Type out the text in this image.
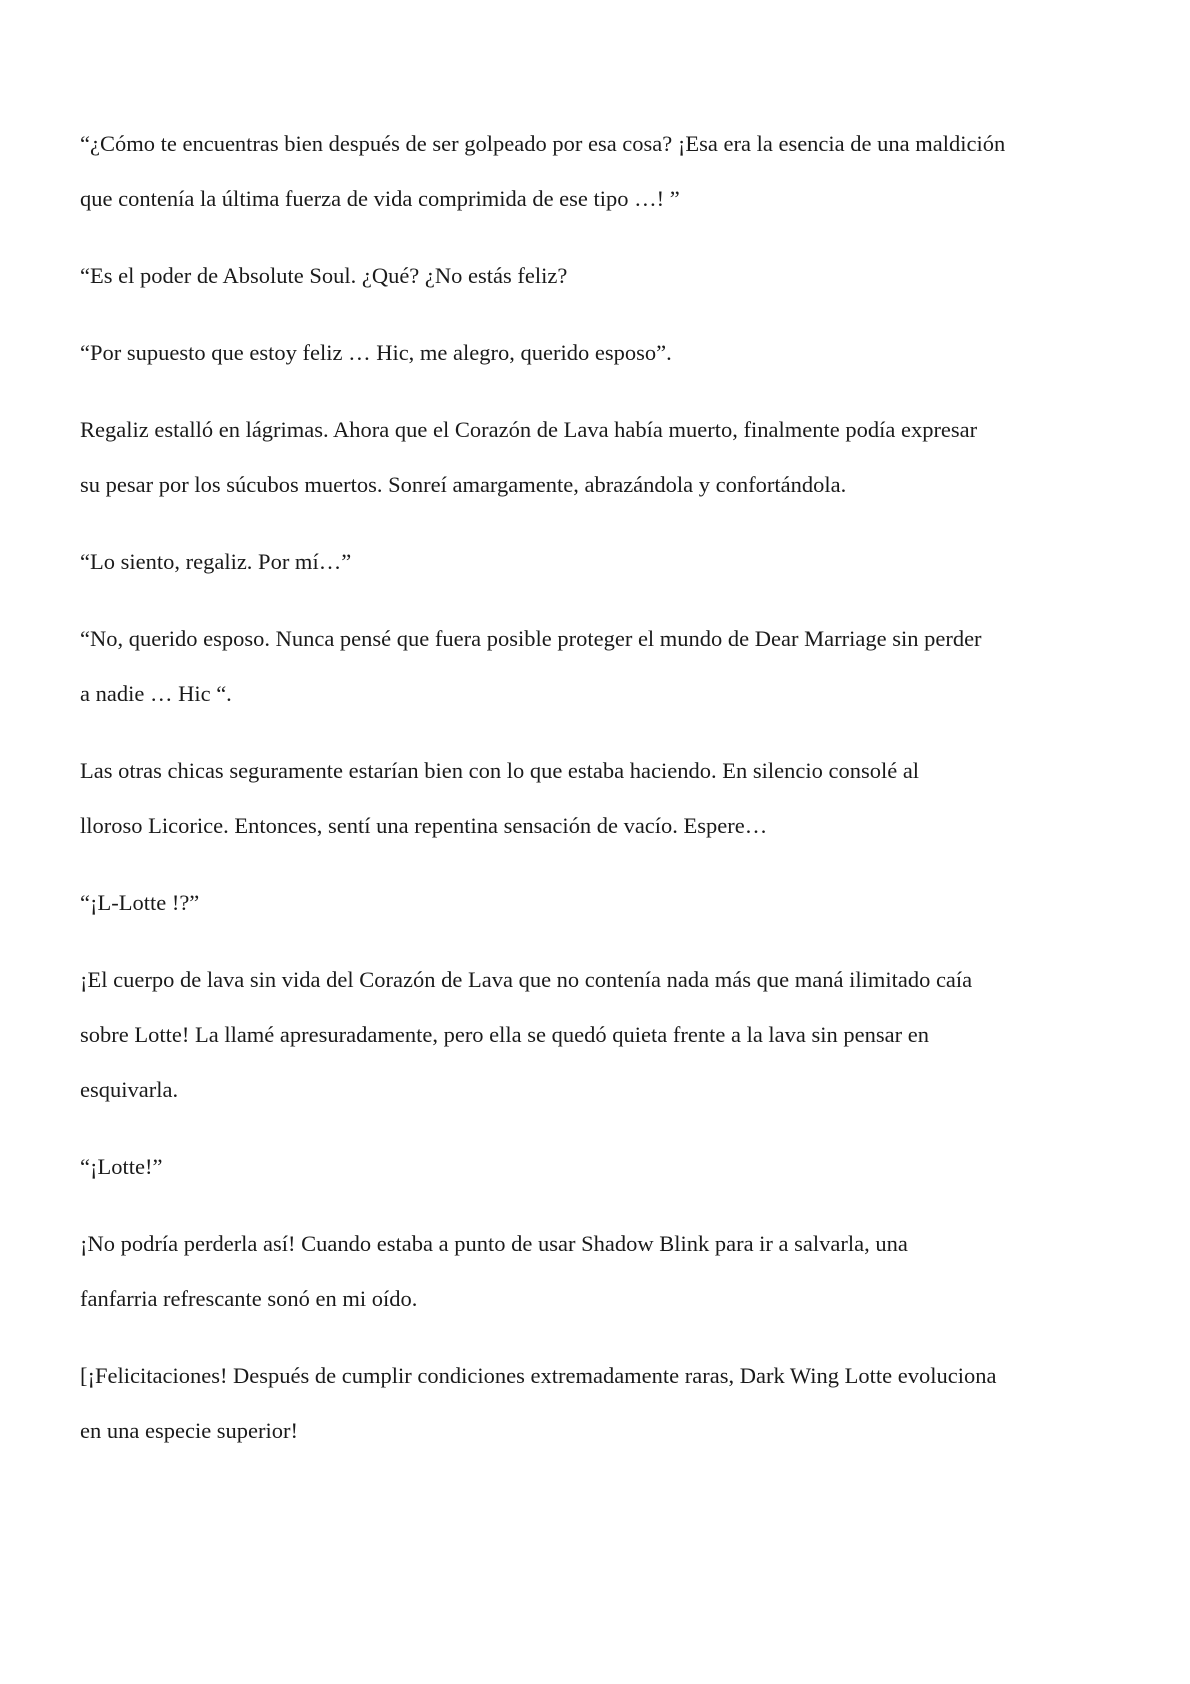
“¿Cómo te encuentras bien después de ser golpeado por esa cosa? ¡Esa era la esencia de una maldición
que contenía la última fuerza de vida comprimida de ese tipo …! ”

“Es el poder de Absolute Soul. ¿Qué? ¿No estás feliz?

“Por supuesto que estoy feliz … Hic, me alegro, querido esposo”.

Regaliz estalló en lágrimas. Ahora que el Corazón de Lava había muerto, finalmente podía expresar
su pesar por los súcubos muertos. Sonreí amargamente, abrazándola y confortándola.

“Lo siento, regaliz. Por mí…”

“No, querido esposo. Nunca pensé que fuera posible proteger el mundo de Dear Marriage sin perder
a nadie … Hic “.

Las otras chicas seguramente estarían bien con lo que estaba haciendo. En silencio consolé al
lloroso Licorice. Entonces, sentí una repentina sensación de vacío. Espere…

“¡L-Lotte !?”

¡El cuerpo de lava sin vida del Corazón de Lava que no contenía nada más que maná ilimitado caía
sobre Lotte! La llamé apresuradamente, pero ella se quedó quieta frente a la lava sin pensar en
esquivarla.

“¡Lotte!”

¡No podría perderla así! Cuando estaba a punto de usar Shadow Blink para ir a salvarla, una
fanfarria refrescante sonó en mi oído.

[¡Felicitaciones! Después de cumplir condiciones extremadamente raras, Dark Wing Lotte evoluciona
en una especie superior!
